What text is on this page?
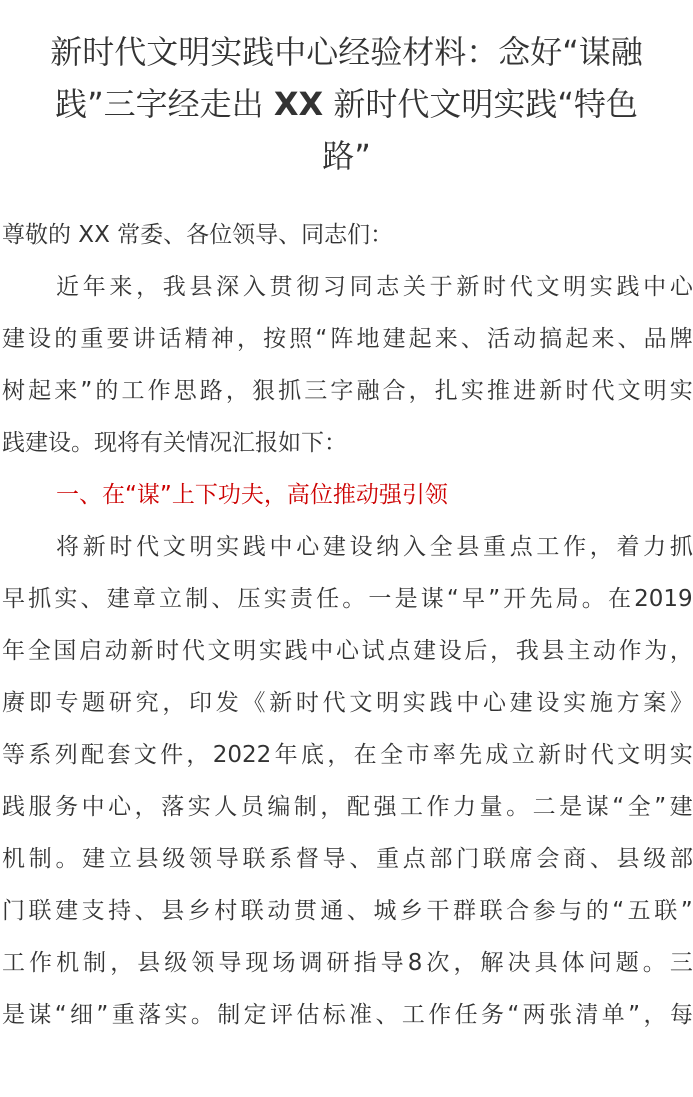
新时代文明实践中心经验材料：念好“谋融
践”三字经走出 XX 新时代文明实践“特色
路”
尊敬的 XX 常委、各位领导、同志们：
近 年 来 ， 我 县 深 入 贯 彻 习 同 志 关 于 新 时 代 文 明 实 践 中 心
建 设 的 重 要 讲 话 精 神 ， 按 照 “ 阵 地 建 起 来 、 活 动 搞 起 来 、 品 牌
树 起 来 ” 的 工 作 思 路 ， 狠 抓 三 字 融 合 ， 扎 实 推 进 新 时 代 文 明 实
践建设。现将有关情况汇报如下：
一、在“谋”上下功夫，高位推动强引领
将 新 时 代 文 明 实 践 中 心 建 设 纳 入 全 县 重 点 工 作 ， 着 力 抓
早 抓 实 、 建 章 立 制 、 压 实 责 任 。 一 是 谋 “ 早 ” 开 先 局 。 在 2019
年 全 国 启 动 新 时 代 文 明 实 践 中 心 试 点 建 设 后 ， 我 县 主 动 作 为 ，
赓 即 专 题 研 究 ， 印 发 《 新 时 代 文 明 实 践 中 心 建 设 实 施 方 案 》
等 系 列 配 套 文 件 ， 2022 年 底 ， 在 全 市 率 先 成 立 新 时 代 文 明 实
践 服 务 中 心 ， 落 实 人 员 编 制 ， 配 强 工 作 力 量 。 二 是 谋 “ 全 ” 建
机 制 。 建 立 县 级 领 导 联 系 督 导 、 重 点 部 门 联 席 会 商 、 县 级 部
门 联 建 支 持 、 县 乡 村 联 动 贯 通 、 城 乡 干 群 联 合 参 与 的 “ 五 联 ”
工 作 机 制 ， 县 级 领 导 现 场 调 研 指 导 8 次 ， 解 决 具 体 问 题 。 三
是 谋 “ 细 ” 重 落 实 。 制 定 评 估 标 准 、 工 作 任 务 “ 两 张 清 单 ” ， 每
